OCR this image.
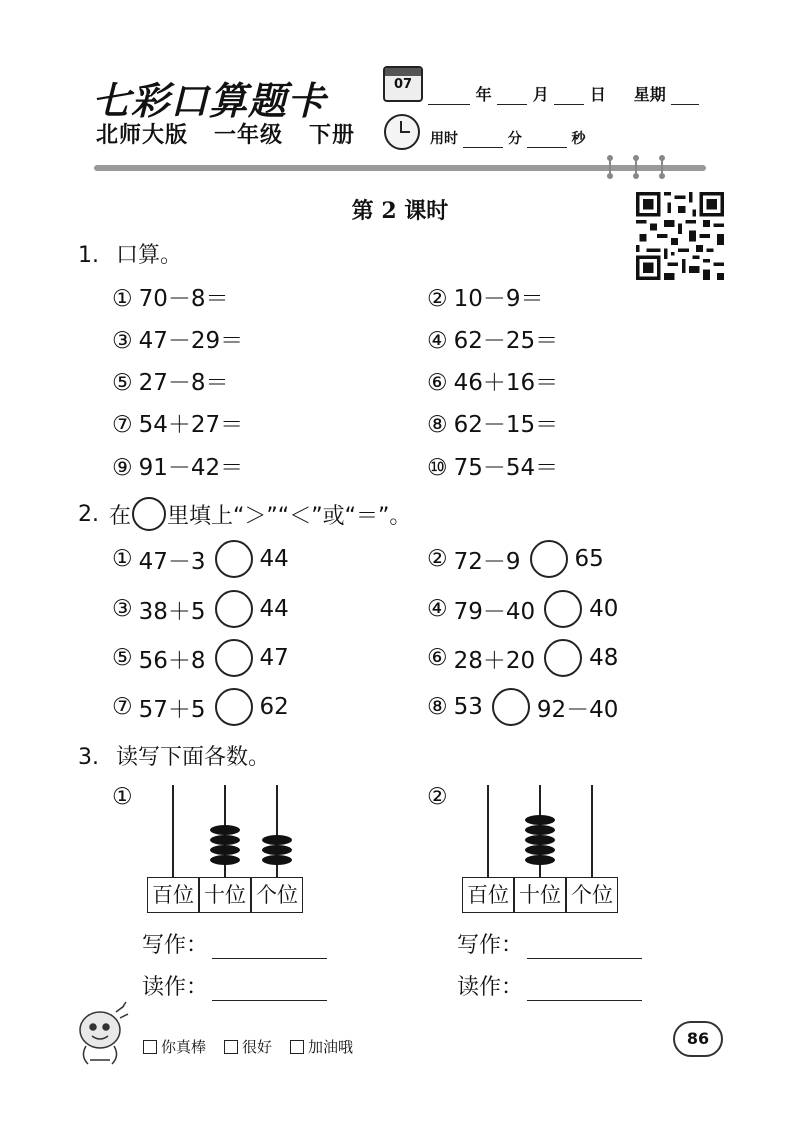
七彩口算题卡
北师大版 一年级 下册
07
年	月	日 星期
用时	分	秒
第 2 课时
1. 口算。
① 70－8＝	② 10－9＝
③ 47－29＝	④ 62－25＝
⑤ 27－8＝	⑥ 46＋16＝
⑦ 54＋27＝	⑧ 62－15＝
⑨ 91－42＝	⑩ 75－54＝
2. 在 里填上“＞”“＜”或“＝”。
① 47－3 44	② 72－9 65
③ 38＋5 44	④ 79－40 40
⑤ 56＋8 47	⑥ 28＋20 48
⑦ 57＋5 62	⑧ 53 92－40
3. 读写下面各数。
①
百位 十位 个位
写作：
读作：
②
百位 十位 个位
写作：
读作：
你真棒 很好 加油哦	86
